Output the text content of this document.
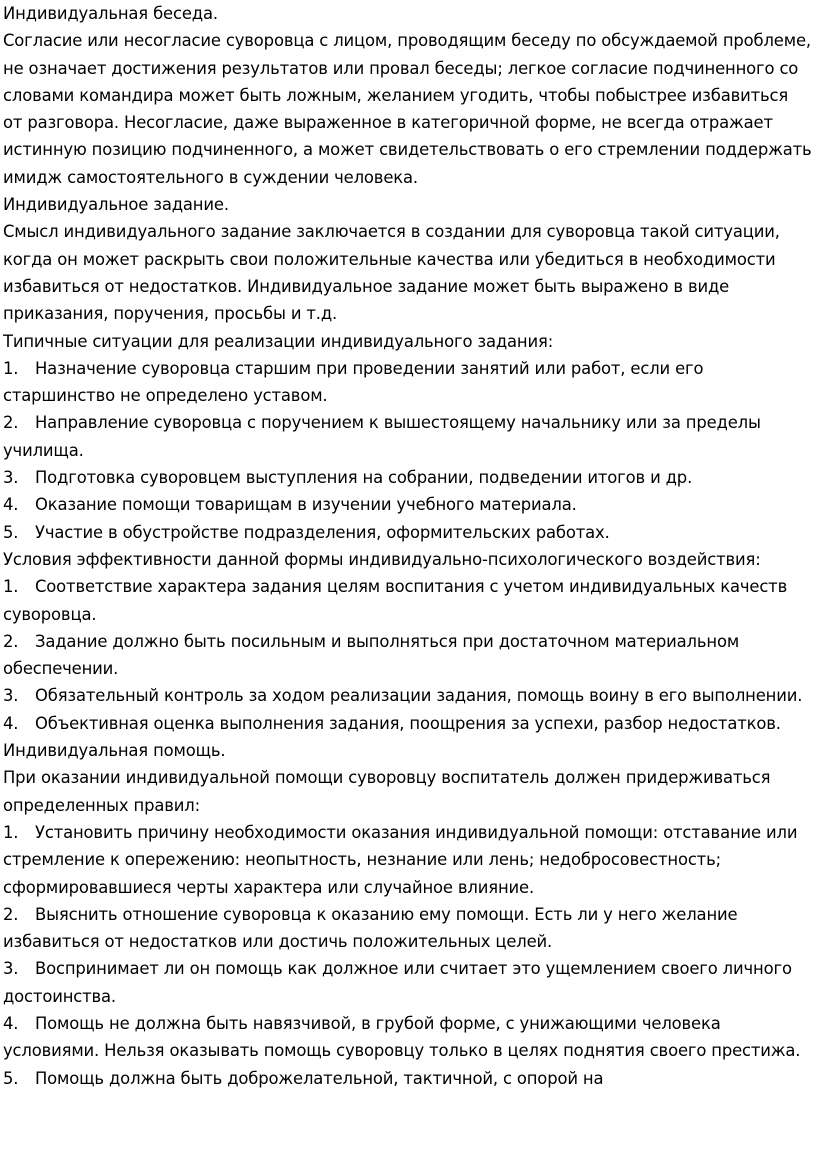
Индивидуальная беседа.

Согласие или несогласие суворовца с лицом, проводящим беседу по обсуждаемой проблеме, не означает достижения результатов или провал беседы; легкое согласие подчиненного со словами командира может быть ложным, желанием угодить, чтобы побыстрее избавиться от разговора. Несогласие, даже выраженное в категоричной форме, не всегда отражает истинную позицию подчиненного, а может свидетельствовать о его стремлении поддержать имидж самостоятельного в суждении человека.

Индивидуальное задание.

Смысл индивидуального задание заключается в создании для суворовца такой ситуации, когда он может раскрыть свои положительные качества или убедиться в необходимости избавиться от недостатков. Индивидуальное задание может быть выражено в виде приказания, поручения, просьбы и т.д.

Типичные ситуации для реализации индивидуального задания:

1. Назначение суворовца старшим при проведении занятий или работ, если его старшинство не определено уставом.
2. Направление суворовца с поручением к вышестоящему начальнику или за пределы училища.
3. Подготовка суворовцем выступления на собрании, подведении итогов и др.
4. Оказание помощи товарищам в изучении учебного материала.
5. Участие в обустройстве подразделения, оформительских работах.

Условия эффективности данной формы индивидуально-психологического воздействия:

1. Соответствие характера задания целям воспитания с учетом индивидуальных качеств суворовца.
2. Задание должно быть посильным и выполняться при достаточном материальном обеспечении.
3. Обязательный контроль за ходом реализации задания, помощь воину в его выполнении.
4. Объективная оценка выполнения задания, поощрения за успехи, разбор недостатков.

Индивидуальная помощь.

При оказании индивидуальной помощи суворовцу воспитатель должен придерживаться определенных правил:

1. Установить причину необходимости оказания индивидуальной помощи: отставание или стремление к опережению: неопытность, незнание или лень; недобросовестность; сформировавшиеся черты характера или случайное влияние.
2. Выяснить отношение суворовца к оказанию ему помощи. Есть ли у него желание избавиться от недостатков или достичь положительных целей.
3. Воспринимает ли он помощь как должное или считает это ущемлением своего личного достоинства.
4. Помощь не должна быть навязчивой, в грубой форме, с унижающими человека условиями. Нельзя оказывать помощь суворовцу только в целях поднятия своего престижа.
5. Помощь должна быть доброжелательной, тактичной, с опорой на
